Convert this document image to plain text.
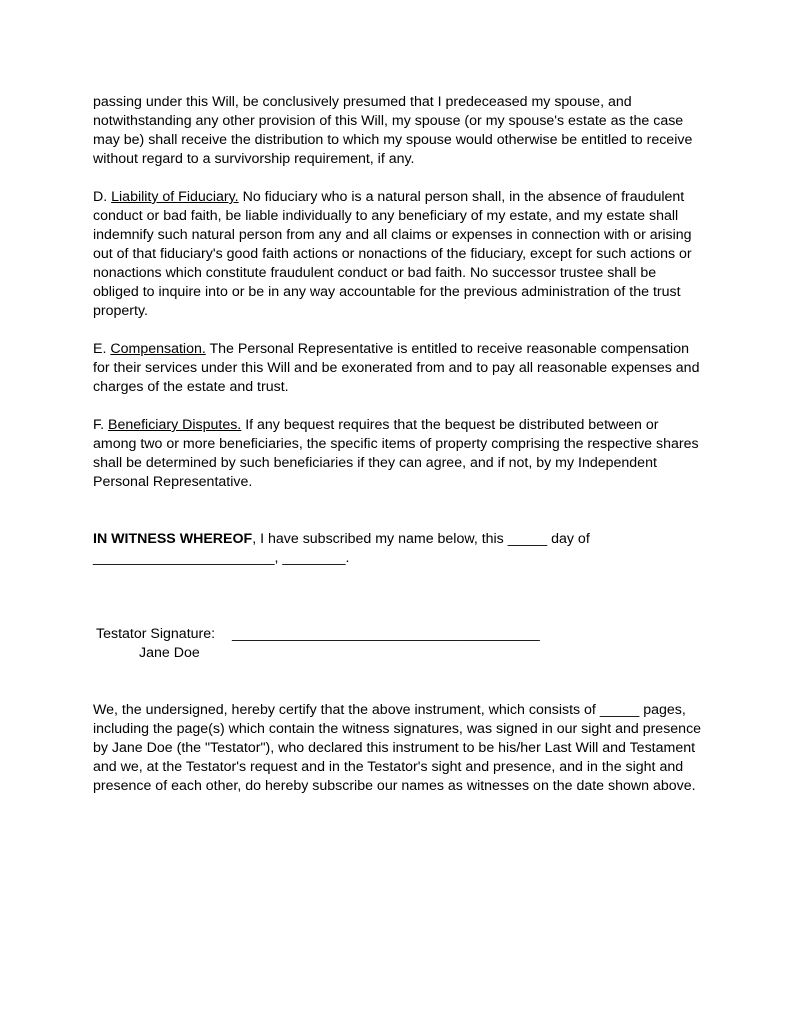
passing under this Will, be conclusively presumed that I predeceased my spouse, and notwithstanding any other provision of this Will, my spouse (or my spouse's estate as the case may be) shall receive the distribution to which my spouse would otherwise be entitled to receive without regard to a survivorship requirement, if any.

D. Liability of Fiduciary. No fiduciary who is a natural person shall, in the absence of fraudulent conduct or bad faith, be liable individually to any beneficiary of my estate, and my estate shall indemnify such natural person from any and all claims or expenses in connection with or arising out of that fiduciary's good faith actions or nonactions of the fiduciary, except for such actions or nonactions which constitute fraudulent conduct or bad faith. No successor trustee shall be obliged to inquire into or be in any way accountable for the previous administration of the trust property.

E. Compensation. The Personal Representative is entitled to receive reasonable compensation for their services under this Will and be exonerated from and to pay all reasonable expenses and charges of the estate and trust.

F. Beneficiary Disputes. If any bequest requires that the bequest be distributed between or among two or more beneficiaries, the specific items of property comprising the respective shares shall be determined by such beneficiaries if they can agree, and if not, by my Independent Personal Representative.

IN WITNESS WHEREOF, I have subscribed my name below, this _____ day of _______________________, ________.

Testator Signature:	_______________________________________
Jane Doe

We, the undersigned, hereby certify that the above instrument, which consists of _____ pages, including the page(s) which contain the witness signatures, was signed in our sight and presence by Jane Doe (the "Testator"), who declared this instrument to be his/her Last Will and Testament and we, at the Testator's request and in the Testator's sight and presence, and in the sight and presence of each other, do hereby subscribe our names as witnesses on the date shown above.
